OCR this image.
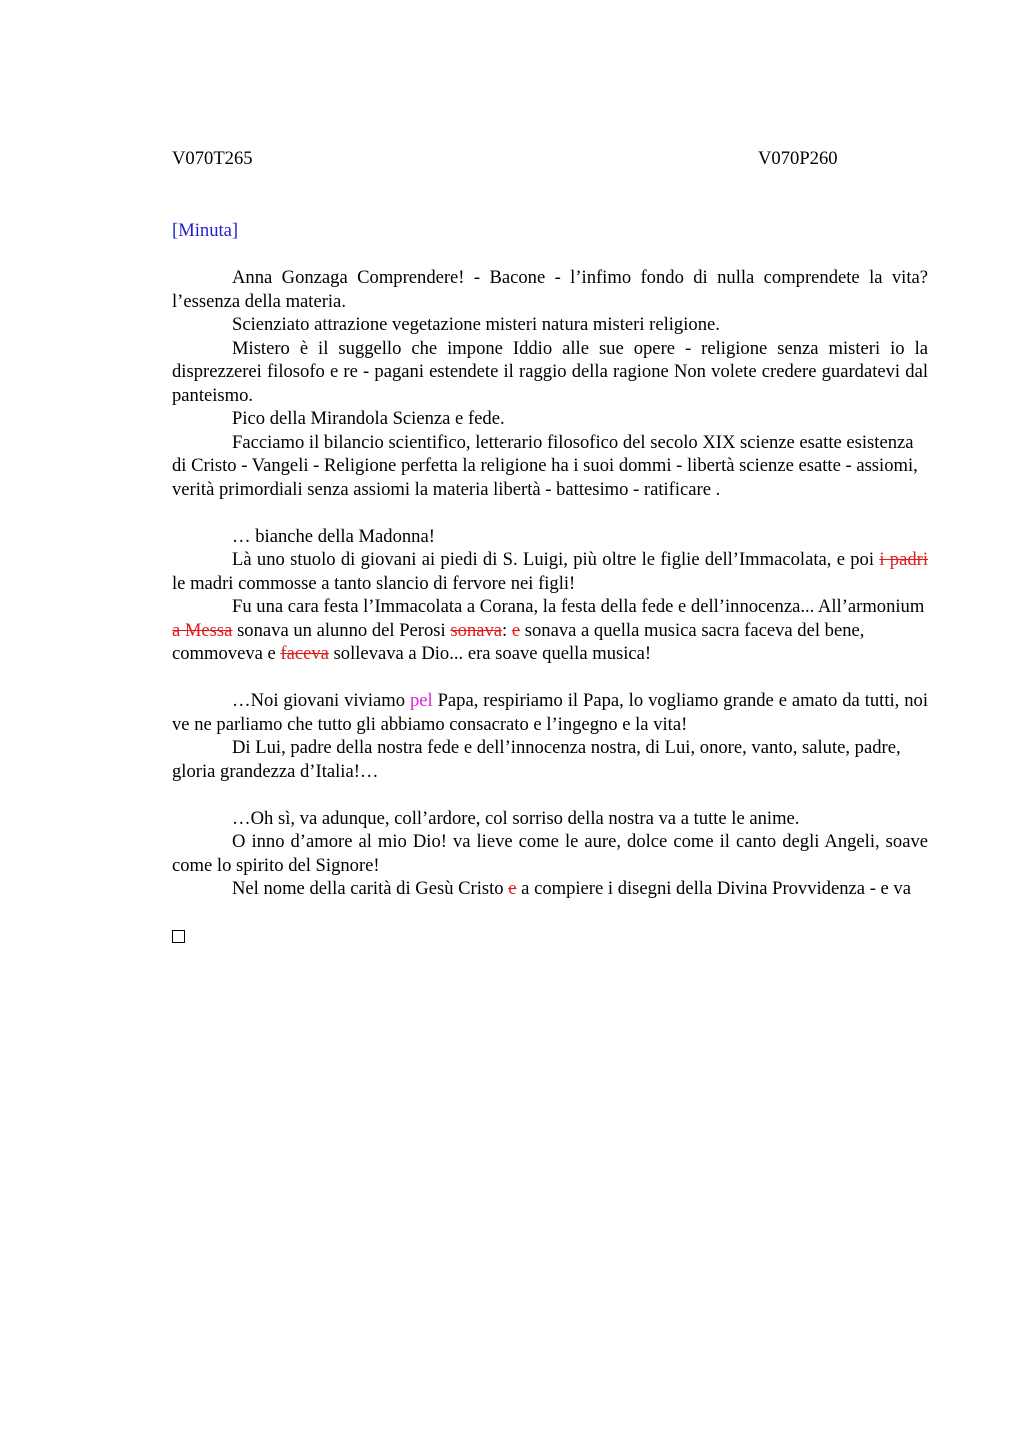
V070T265	V070P260
[Minuta]

Anna Gonzaga Comprendere! - Bacone - l’infimo fondo di nulla comprendete la vita? l’essenza della materia.

Scienziato attrazione vegetazione misteri natura misteri religione.

Mistero è il suggello che impone Iddio alle sue opere - religione senza misteri io la disprezzerei filosofo e re - pagani estendete il raggio della ragione Non volete credere guardatevi dal panteismo.

Pico della Mirandola Scienza e fede.

Facciamo il bilancio scientifico, letterario filosofico del secolo XIX scienze esatte esistenza di Cristo - Vangeli - Religione perfetta la religione ha i suoi dommi - libertà scienze esatte - assiomi, verità primordiali senza assiomi la materia libertà - battesimo - ratificare .

… bianche della Madonna!

Là uno stuolo di giovani ai piedi di S. Luigi, più oltre le figlie dell’Immacolata, e poi i padri le madri commosse a tanto slancio di fervore nei figli!

Fu una cara festa l’Immacolata a Corana, la festa della fede e dell’innocenza... All’armonium a Messa sonava un alunno del Perosi sonava: e sonava a quella musica sacra faceva del bene, commoveva e faceva sollevava a Dio... era soave quella musica!

…Noi giovani viviamo pel Papa, respiriamo il Papa, lo vogliamo grande e amato da tutti, noi ve ne parliamo che tutto gli abbiamo consacrato e l’ingegno e la vita!

Di Lui, padre della nostra fede e dell’innocenza nostra, di Lui, onore, vanto, salute, padre, gloria grandezza d’Italia!…

…Oh sì, va adunque, coll’ardore, col sorriso della nostra va a tutte le anime.

O inno d’amore al mio Dio! va lieve come le aure, dolce come il canto degli Angeli, soave come lo spirito del Signore!

Nel nome della carità di Gesù Cristo e a compiere i disegni della Divina Provvidenza - e va
